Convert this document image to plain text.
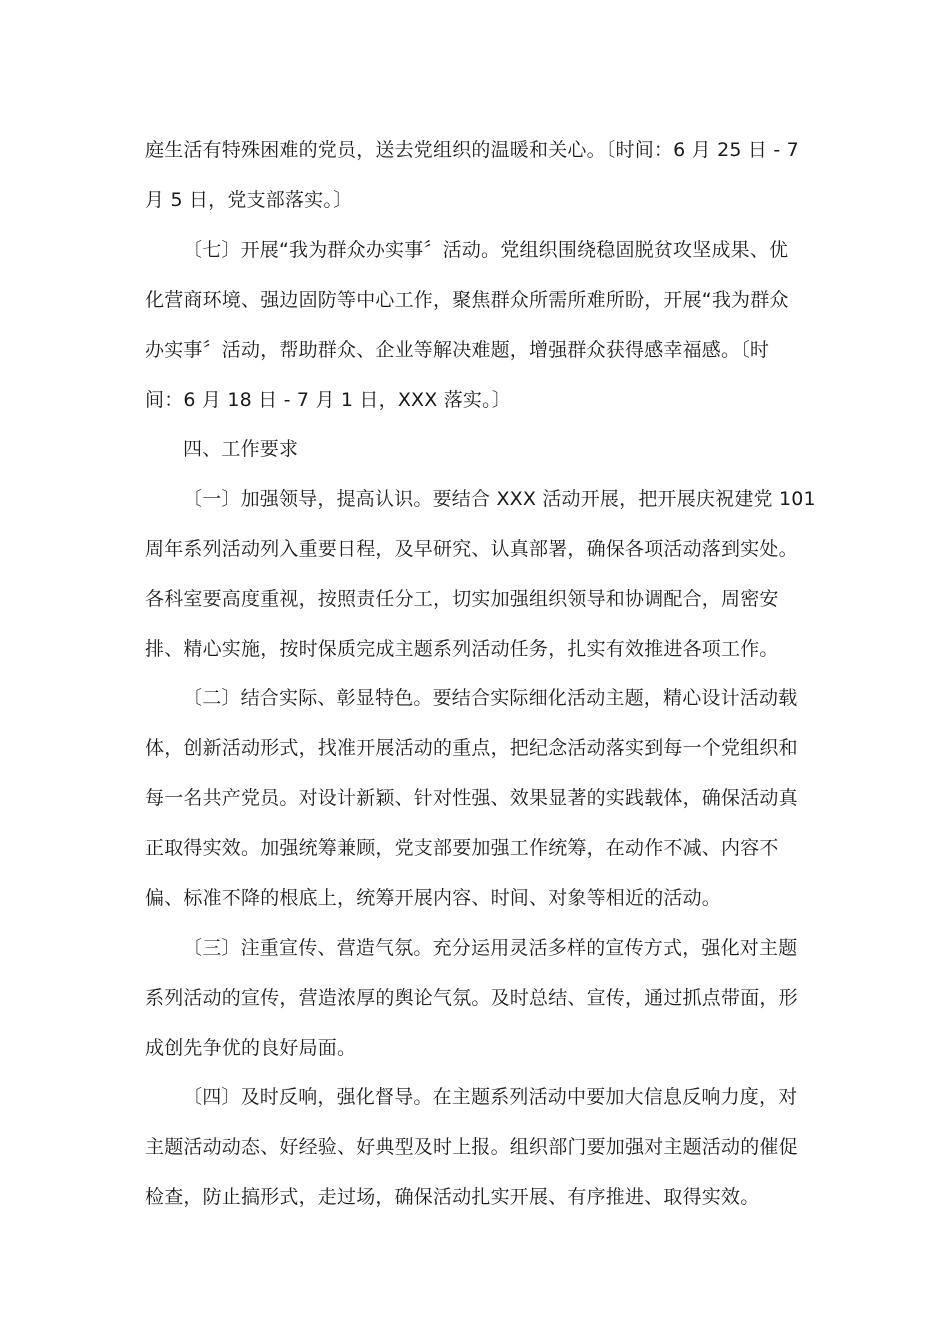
庭生活有特殊困难的党员，送去党组织的温暖和关心。〔时间：6 月 25 日 - 7
月 5 日，党支部落实。〕
〔七〕开展“我为群众办实事〞活动。党组织围绕稳固脱贫攻坚成果、优
化营商环境、强边固防等中心工作，聚焦群众所需所难所盼，开展“我为群众
办实事〞活动，帮助群众、企业等解决难题，增强群众获得感幸福感。〔时
间：6 月 18 日 - 7 月 1 日，XXX 落实。〕
四、工作要求
〔一〕加强领导，提高认识。要结合 XXX 活动开展，把开展庆祝建党 101
周年系列活动列入重要日程，及早研究、认真部署，确保各项活动落到实处。
各科室要高度重视，按照责任分工，切实加强组织领导和协调配合，周密安
排、精心实施，按时保质完成主题系列活动任务，扎实有效推进各项工作。
〔二〕结合实际、彰显特色。要结合实际细化活动主题，精心设计活动载
体，创新活动形式，找准开展活动的重点，把纪念活动落实到每一个党组织和
每一名共产党员。对设计新颖、针对性强、效果显著的实践载体，确保活动真
正取得实效。加强统筹兼顾，党支部要加强工作统筹，在动作不减、内容不
偏、标准不降的根底上，统筹开展内容、时间、对象等相近的活动。
〔三〕注重宣传、营造气氛。充分运用灵活多样的宣传方式，强化对主题
系列活动的宣传，营造浓厚的舆论气氛。及时总结、宣传，通过抓点带面，形
成创先争优的良好局面。
〔四〕及时反响，强化督导。在主题系列活动中要加大信息反响力度，对
主题活动动态、好经验、好典型及时上报。组织部门要加强对主题活动的催促
检查，防止搞形式，走过场，确保活动扎实开展、有序推进、取得实效。
